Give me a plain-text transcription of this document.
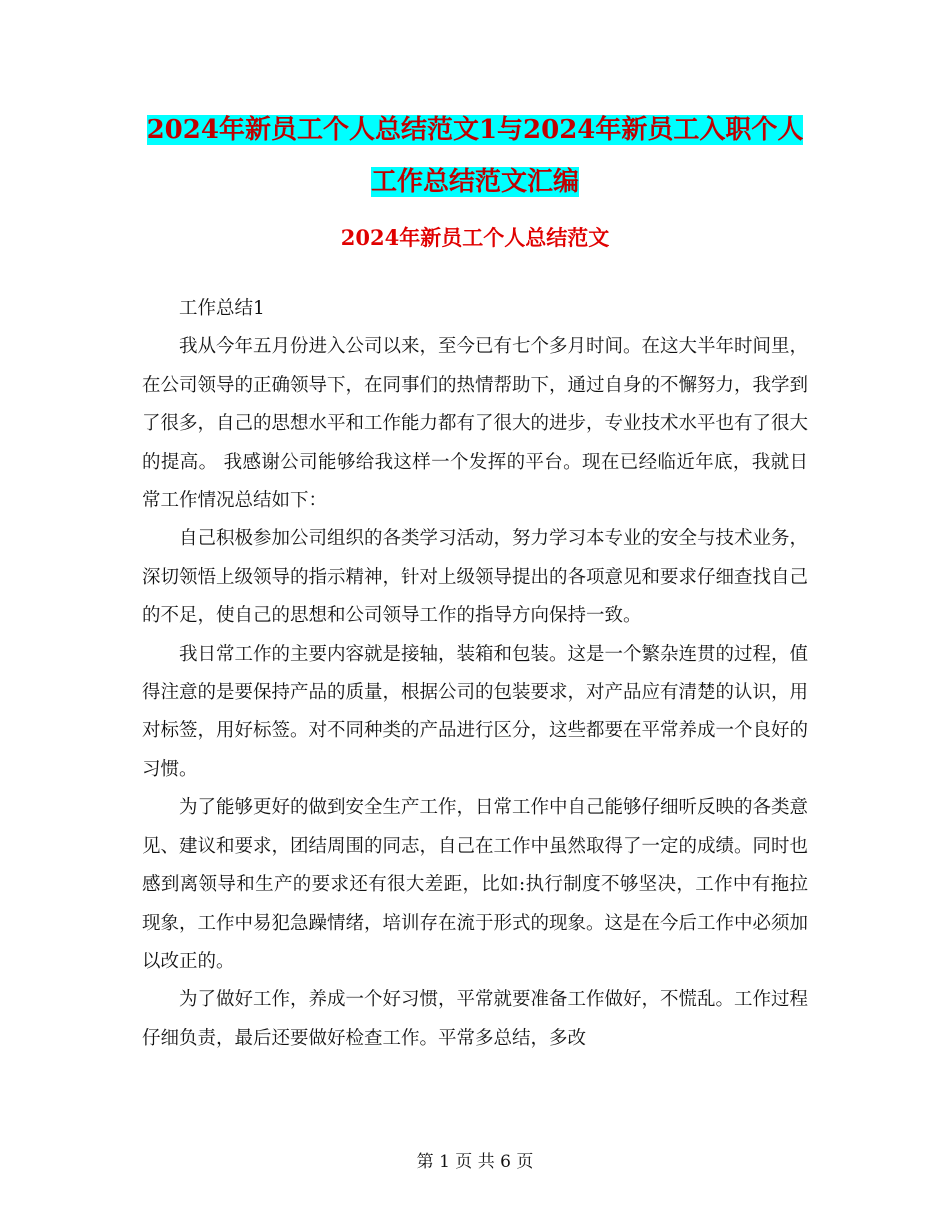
2024年新员工个人总结范文1与2024年新员工入职个人工作总结范文汇编
2024年新员工个人总结范文

工作总结1

我从今年五月份进入公司以来，至今已有七个多月时间。在这大半年时间里，在公司领导的正确领导下，在同事们的热情帮助下，通过自身的不懈努力，我学到了很多，自己的思想水平和工作能力都有了很大的进步，专业技术水平也有了很大的提高。 我感谢公司能够给我这样一个发挥的平台。现在已经临近年底，我就日常工作情况总结如下：

自己积极参加公司组织的各类学习活动，努力学习本专业的安全与技术业务，深切领悟上级领导的指示精神，针对上级领导提出的各项意见和要求仔细查找自己的不足，使自己的思想和公司领导工作的指导方向保持一致。

我日常工作的主要内容就是接轴，装箱和包装。这是一个繁杂连贯的过程，值得注意的是要保持产品的质量，根据公司的包装要求，对产品应有清楚的认识，用对标签，用好标签。对不同种类的产品进行区分，这些都要在平常养成一个良好的习惯。

为了能够更好的做到安全生产工作，日常工作中自己能够仔细听反映的各类意见、建议和要求，团结周围的同志，自己在工作中虽然取得了一定的成绩。同时也感到离领导和生产的要求还有很大差距，比如:执行制度不够坚决，工作中有拖拉现象，工作中易犯急躁情绪，培训存在流于形式的现象。这是在今后工作中必须加以改正的。

为了做好工作，养成一个好习惯，平常就要准备工作做好，不慌乱。工作过程仔细负责，最后还要做好检查工作。平常多总结，多改

第 1 页 共 6 页
